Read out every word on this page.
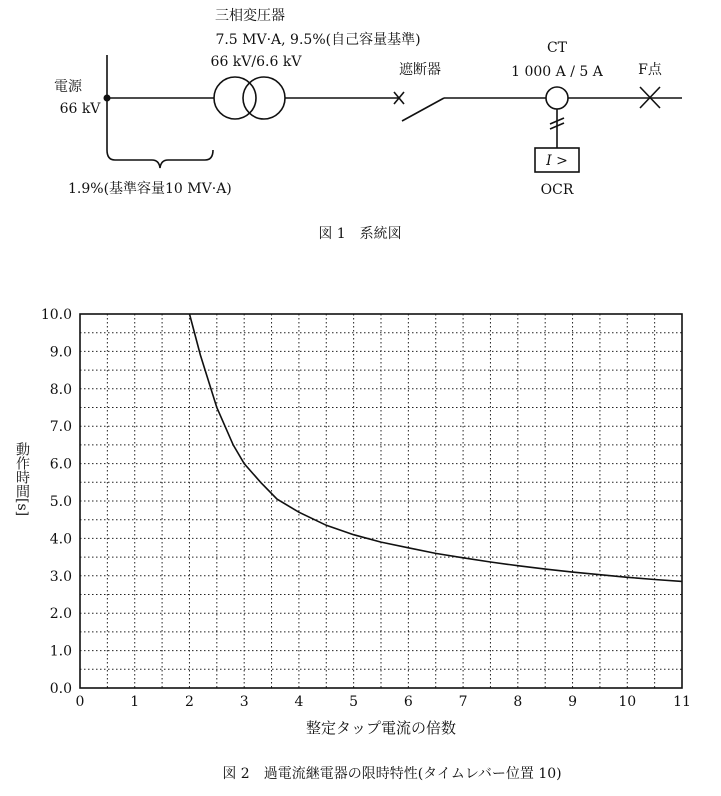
電源
66 kV
三相変圧器
7.5 MV·A, 9.5%(自己容量基準)
66 kV/6.6 kV	遮断器
CT
1 000 A / 5 A
I >
OCR
F点
1.9%(基準容量10 MV·A)
図 1　系統図
0	1	2	3	4	5	6	7	8	9	10	11
0.0
1.0
2.0
3.0
4.0
5.0
6.0
7.0
8.0
9.0
10.0
整定タップ電流の倍数
図 2　過電流継電器の限時特性(タイムレバー位置 10)
動作時間[s]
